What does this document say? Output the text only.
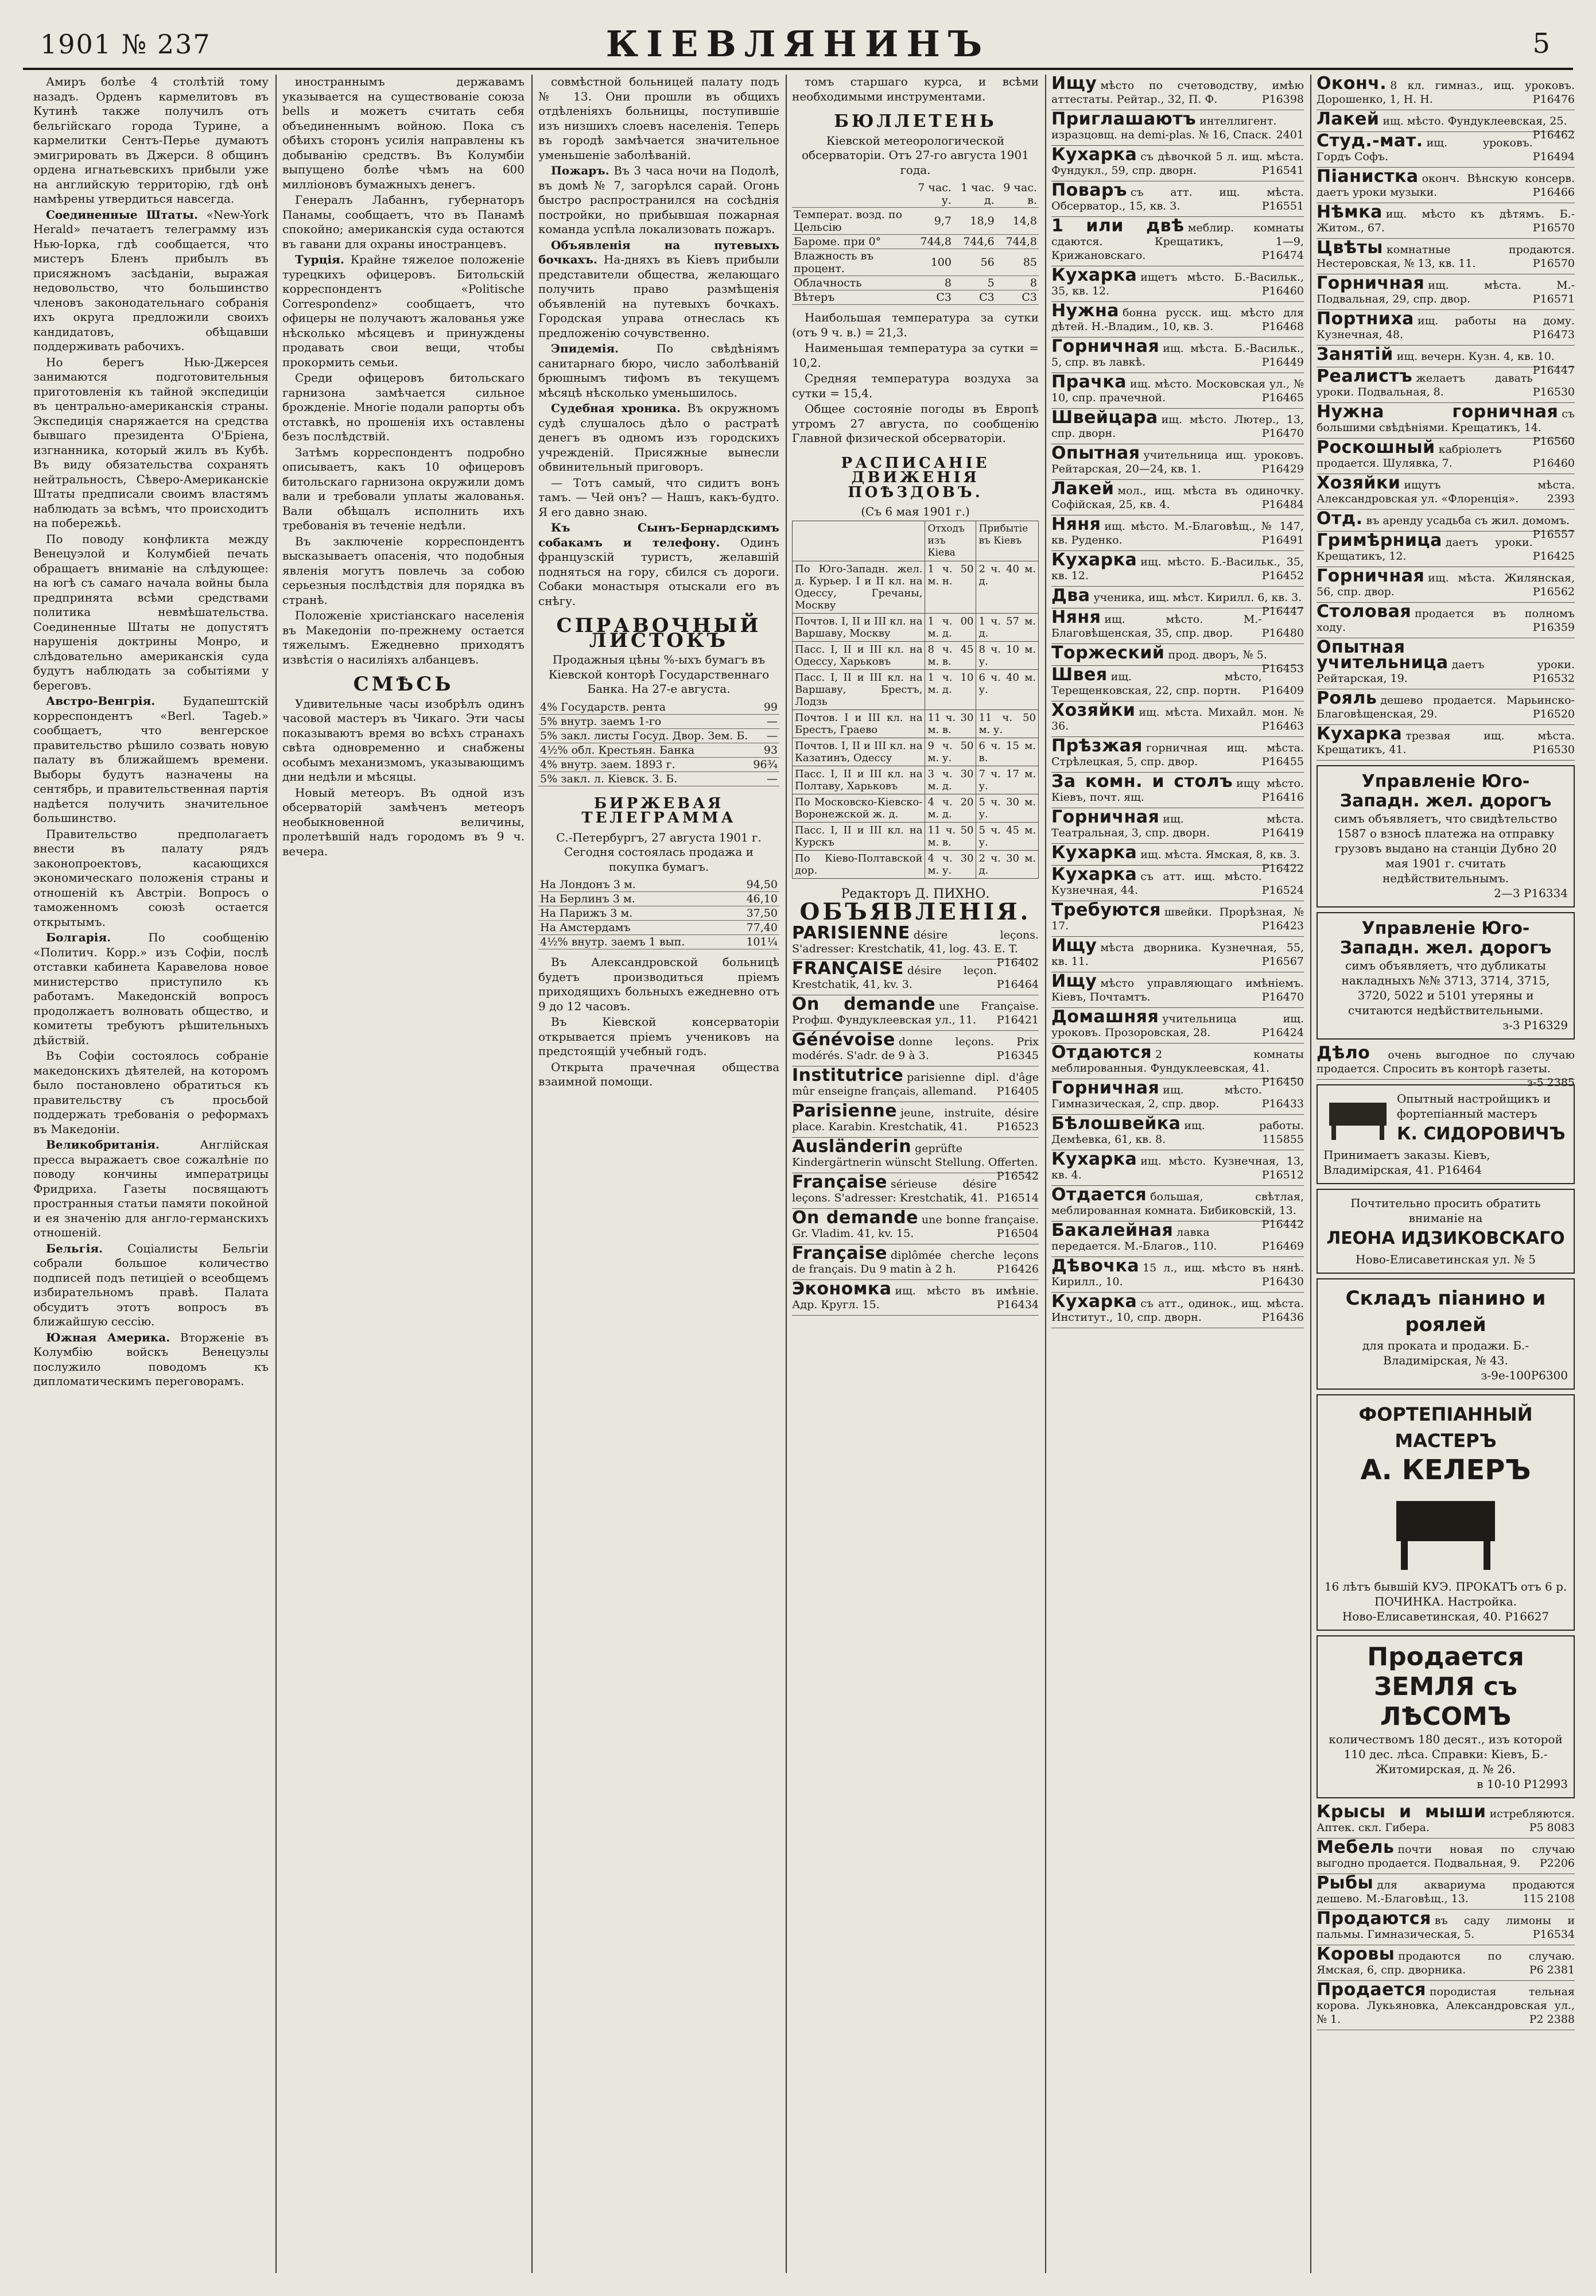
1901 № 237	КІЕВЛЯНИНЪ	5

Амиръ болѣе 4 столѣтій тому назадъ. Орденъ кармелитовъ въ Кутинѣ также получилъ отъ бельгійскаго города Турине, а кармелитки Сентъ-Перье думаютъ эмигрировать въ Джерси. 8 общинъ ордена игнатьевскихъ прибыли уже на английскую территорію, гдѣ онѣ намѣрены утвердиться навсегда.

Соединенные Штаты. «New-York Herald» печатаетъ телеграмму изъ Нью-Іорка, гдѣ сообщается, что мистеръ Бленъ прибылъ въ присяжномъ засѣданіи, выражая недовольство, что большинство членовъ законодательнаго собранія ихъ округа предложили своихъ кандидатовъ, обѣщавши поддерживать рабочихъ.

Но берегъ Нью-Джерсея занимаются подготовительныя приготовленія къ тайной экспедиціи въ центрально-американскія страны. Экспедиція снаряжается на средства бывшаго президента О'Бріена, изгнанника, который жилъ въ Кубѣ. Въ виду обязательства сохранять нейтральность, Сѣверо-Американскіе Штаты предписали своимъ властямъ наблюдать за всѣмъ, что происходитъ на побережьѣ.

По поводу конфликта между Венецуэлой и Колумбіей печать обращаетъ вниманіе на слѣдующее: на югѣ съ самаго начала войны была предпринята всѣми средствами политика невмѣшательства. Соединенные Штаты не допустятъ нарушенія доктрины Монро, и слѣдовательно американскія суда будутъ наблюдать за событіями у береговъ.

Австро-Венгрія. Будапештскій корреспондентъ «Berl. Tageb.» сообщаетъ, что венгерское правительство рѣшило созвать новую палату въ ближайшемъ времени. Выборы будутъ назначены на сентябрь, и правительственная партія надѣется получить значительное большинство.

Правительство предполагаетъ внести въ палату рядъ законопроектовъ, касающихся экономическаго положенія страны и отношеній къ Австріи. Вопросъ о таможенномъ союзѣ остается открытымъ.

Болгарія.	По сообщенію «Политич. Корр.» изъ Софіи, послѣ отставки кабинета Каравелова новое министерство приступило къ работамъ. Македонскій вопросъ продолжаетъ волновать общество, и комитеты требуютъ рѣшительныхъ дѣйствій.

Въ Софіи состоялось собраніе македонскихъ дѣятелей, на которомъ было постановлено обратиться къ правительству съ просьбой поддержать требованія о реформахъ въ Македоніи.

Великобританія.	Англійская пресса выражаетъ свое сожалѣніе по поводу кончины императрицы Фридриха. Газеты посвящаютъ пространныя статьи памяти покойной и ея значенію для англо-германскихъ отношеній.

Бельгія. Соціалисты Бельгіи собрали большое количество подписей подъ петиціей о всеобщемъ избирательномъ правѣ. Палата обсудитъ этотъ вопросъ въ ближайшую сессію.

Южная Америка. Вторженіе въ Колумбію войскъ Венецуэлы послужило поводомъ къ дипломатическимъ переговорамъ.

иностраннымъ державамъ указывается на существованіе союза bells и можетъ считать себя объединеннымъ войною. Пока съ обѣихъ сторонъ усилія направлены къ добыванію средствъ. Въ Колумбіи выпущено болѣе чѣмъ на 600 милліоновъ бумажныхъ денегъ.

Генералъ Лабаннъ, губернаторъ Панамы, сообщаетъ, что въ Панамѣ спокойно; американскія суда остаются въ гавани для охраны иностранцевъ.

Турція. Крайне тяжелое положеніе турецкихъ офицеровъ. Битольскій корреспондентъ «Politische Correspondenz» сообщаетъ, что офицеры не получаютъ жалованья уже нѣсколько мѣсяцевъ и принуждены продавать свои вещи, чтобы прокормить семьи.

Среди офицеровъ битольскаго гарнизона замѣчается сильное брожденіе. Многіе подали рапорты объ отставкѣ, но прошенія ихъ оставлены безъ послѣдствій.

Затѣмъ корреспондентъ подробно описываетъ, какъ 10 офицеровъ битольскаго гарнизона окружили домъ вали и требовали уплаты жалованья. Вали обѣщалъ исполнить ихъ требованія въ теченіе недѣли.

Въ заключеніе корреспондентъ высказываетъ опасенія, что подобныя явленія могутъ повлечь за собою серьезныя послѣдствія для порядка въ странѣ.

Положеніе христіанскаго населенія въ Македоніи по-прежнему остается тяжелымъ. Ежедневно приходятъ извѣстія о насиліяхъ албанцевъ.

СМѢСЬ

Удивительные часы изобрѣлъ одинъ часовой мастеръ въ Чикаго. Эти часы показываютъ время во всѣхъ странахъ свѣта одновременно и снабжены особымъ механизмомъ, указывающимъ дни недѣли и мѣсяцы.

Новый метеоръ. Въ одной изъ обсерваторій замѣченъ метеоръ необыкновенной величины, пролетѣвшій надъ городомъ въ 9 ч. вечера.

совмѣстной больницей палату подъ № 13. Они прошли въ общихъ отдѣленіяхъ больницы, поступившіе изъ низшихъ слоевъ населенія. Теперь въ городѣ замѣчается значительное уменьшеніе заболѣваній.

Пожаръ. Въ 3 часа ночи на Подолѣ, въ домѣ № 7, загорѣлся сарай. Огонь быстро распространился на сосѣднія постройки, но прибывшая пожарная команда успѣла локализовать пожаръ.

Объявленія на путевыхъ бочкахъ. На-дняхъ въ Кіевъ прибыли представители общества, желающаго получить право размѣщенія объявленій на путевыхъ бочкахъ. Городская управа отнеслась къ предложенію сочувственно.

Эпидемія.	По свѣдѣніямъ санитарнаго бюро, число заболѣваній брюшнымъ тифомъ въ текущемъ мѣсяцѣ нѣсколько уменьшилось.

Судебная хроника. Въ окружномъ судѣ слушалось дѣло о растратѣ денегъ въ одномъ изъ городскихъ учрежденій. Присяжные вынесли обвинительный приговоръ.

— Тотъ самый, что сидитъ вонъ тамъ. — Чей онъ? — Нашъ, какъ-будто. Я его давно знаю.

Къ Сынъ-Бернардскимъ собакамъ и телефону. Одинъ французскій туристъ, желавшій подняться на гору, сбился съ дороги. Собаки монастыря отыскали его въ снѣгу.

СПРАВОЧНЫЙ ЛИСТОКЪ

Продажныя цѣны %-ыхъ бумагъ въ Кіевской конторѣ Государственнаго Банка. На 27-е августа.

4% Государств. рента	99
5% внутр. заемъ 1-го	—
5% закл. листы Госуд. Двор. Зем. Б.	—
4½% обл. Крестьян. Банка	93
4% внутр. заем. 1893 г.	96¾
5% закл. л. Кіевск. З. Б.	—
БИРЖЕВАЯ ТЕЛЕГРАММА

С.-Петербургъ, 27 августа 1901 г. Сегодня состоялась продажа и покупка бумагъ.

На Лондонъ 3 м.	94,50
На Берлинъ 3 м.	46,10
На Парижъ 3 м.	37,50
На Амстердамъ	77,40
4½% внутр. заемъ 1 вып.	101¼

Въ Александровской больницѣ будетъ производиться пріемъ приходящихъ больныхъ ежедневно отъ 9 до 12 часовъ.

Въ Кіевской консерваторіи открывается пріемъ учениковъ на предстоящій учебный годъ.

Открыта прачечная общества взаимной помощи.

томъ старшаго курса, и всѣми необходимыми инструментами.

БЮЛЛЕТЕНЬ

Кіевской метеорологической обсерваторіи. Отъ 27-го августа 1901 года.

	7 час. у.	1 час. д.	9 час. в.
Температ. возд. по Цельсію	9,7	18,9	14,8
Бароме. при 0°	744,8	744,6	744,8
Влажность въ процент.	100	56	85
Облачность	8	5	8
Вѣтеръ	С3	С3	С3

Наибольшая температура за сутки (отъ 9 ч. в.) = 21,3.

Наименьшая температура за сутки = 10,2.

Средняя температура воздуха за сутки = 15,4.

Общее состояніе погоды въ Европѣ утромъ 27 августа, по сообщенію Главной физической обсерваторіи.

РАСПИСАНІЕ ДВИЖЕНІЯ ПОѢЗДОВЪ.

(Съ 6 мая 1901 г.)

	Отходъ изъ Кіева	Прибытіе въ Кіевъ
По Юго-Западн. жел. д. Курьер. I и II кл. на Одессу, Гречаны, Москву	1 ч. 50 м. н.	2 ч. 40 м. д.
Почтов. I, II и III кл. на Варшаву, Москву	1 ч. 00 м. д.	1 ч. 57 м. д.
Пасс. I, II и III кл. на Одессу, Харьковъ	8 ч. 45 м. в.	8 ч. 10 м. у.
Пасс. I, II и III кл. на Варшаву, Брестъ, Лодзь	1 ч. 10 м. д.	6 ч. 40 м. у.
Почтов. I и III кл. на Брестъ, Граево	11 ч. 30 м. в.	11 ч. 50 м. у.
Почтов. I, II и III кл. на Казатинъ, Одессу	9 ч. 50 м. у.	6 ч. 15 м. в.
Пасс. I, II и III кл. на Полтаву, Харьковъ	3 ч. 30 м. д.	7 ч. 17 м. у.
По Московско-Кіевско-Воронежской ж. д.	4 ч. 20 м. д.	5 ч. 30 м. у.
Пасс. I, II и III кл. на Курскъ	11 ч. 50 м. в.	5 ч. 45 м. у.
По Кіево-Полтавской дор.	4 ч. 30 м. у.	2 ч. 30 м. д.

Редакторъ Д. ПИХНО.

ОБЪЯВЛЕНІЯ.
PARISIENNE désire leçons. S'adresser: Krestchatik, 41, log. 43. E. T.
Р16402
FRANÇAISE désire leçon. Krestchatik, 41, kv. 3.	Р16464
On demande une Française. Proфш. Фундуклеевская ул., 11. Р16421
Génévoise donne leçons. Prix modérés. S'adr. de 9 à 3.	Р16345
Institutrice parisienne dipl. d'âge mûr enseigne français, allemand. Р16405
Parisienne jeune, instruite, désire place. Karabin. Krestchatik, 41.	Р16523
Ausländerin geprüfte Kindergärtnerin wünscht Stellung. Offerten.
Р16542
Française sérieuse désire leçons. S'adresser: Krestchatik, 41. Р16514
On demande une bonne française. Gr. Vladim. 41, kv. 15.	Р16504
Française diplômée cherche leçons de français. Du 9 matin à 2 h.	Р16426
Экономка ищ. мѣсто въ имѣніе. Адр. Кругл. 15.	Р16434
Ищу мѣсто по счетоводству, имѣю аттестаты. Рейтар., 32, П. Ф.	Р16398
Приглашаютъ интеллигент. изразцовщ. на demi-plas. № 16, Спаск. 2401
Кухарка съ дѣвочкой 5 л. ищ. мѣста. Фундукл., 59, спр. дворн.	Р16541
Поваръ съ атт. ищ. мѣста. Обсерватор., 15, кв. 3.	Р16551
1 или двѣ меблир. комнаты сдаются. Крещатикъ, 1—9, Крижановскаго.	Р16474
Кухарка ищетъ мѣсто. Б.-Васильк., 35, кв. 12.	Р16460
Нужна бонна русск. ищ. мѣсто для дѣтей. Н.-Владим., 10, кв. 3.	Р16468
Горничная ищ. мѣста. Б.-Васильк., 5, спр. въ лавкѣ.	Р16449
Прачка ищ. мѣсто. Московская ул., № 10, спр. прачечной.	Р16465
Швейцара ищ. мѣсто. Лютер., 13, спр. дворн.	Р16470
Опытная учительница ищ. уроковъ. Рейтарская, 20—24, кв. 1.	Р16429
Лакей мол., ищ. мѣста въ одиночку. Софійская, 25, кв. 4.	Р16484
Няня ищ. мѣсто. М.-Благовѣщ., № 147, кв. Руденко.	Р16491
Кухарка ищ. мѣсто. Б.-Васильк., 35, кв. 12.	Р16452
Два ученика, ищ. мѣст. Кирилл. 6, кв. 3.
Р16447
Няня ищ. мѣсто. М.-Благовѣщенская, 35, спр. двор.	Р16480
Торжеский прод. дворъ, № 5.
Р16453
Швея ищ. мѣсто, Терещенковская, 22, спр. портн. Р16409
Хозяйки ищ. мѣста. Михайл. мон. № 36.	Р16463
Прѣзжая горничная ищ. мѣста. Стрѣлецкая, 5, спр. двор.	Р16455
За комн. и столъ ищу мѣсто. Кіевъ, почт. ящ.	Р16416
Горничная ищ. мѣста. Театральная, 3, спр. дворн.	Р16419
Кухарка ищ. мѣста. Ямская, 8, кв. 3.
Р16422
Кухарка съ атт. ищ. мѣсто. Кузнечная, 44.	Р16524
Требуются швейки. Прорѣзная, № 17.	Р16423
Ищу мѣста дворника. Кузнечная, 55, кв. 11.	Р16567
Ищу мѣсто управляющаго имѣніемъ. Кіевъ, Почтамтъ.	Р16470
Домашняя учительница ищ. уроковъ. Прозоровская, 28.	Р16424
Отдаются 2 комнаты меблированныя. Фундуклеевская, 41.
Р16450
Горничная ищ. мѣсто. Гимназическая, 2, спр. двор.	Р16433
Бѣлошвейка ищ. работы. Демѣевка, 61, кв. 8.	115855
Кухарка ищ. мѣсто. Кузнечная, 13, кв. 4.	Р16512
Отдается большая, свѣтлая, меблированная комната. Бибиковскій, 13.
Р16442
Бакалейная лавка передается. М.-Благов., 110.	Р16469
Дѣвочка 15 л., ищ. мѣсто въ нянѣ. Кирилл., 10.	Р16430
Кухарка съ атт., одинок., ищ. мѣста. Институт., 10, спр. дворн.	Р16436
Оконч. 8 кл. гимназ., ищ. уроковъ. Дорошенко, 1, Н. Н.	Р16476
Лакей ищ. мѣсто. Фундуклеевская, 25.
Р16462
Студ.-мат. ищ. уроковъ. Гордъ Софъ.	Р16494
Піанистка оконч. Вѣнскую консерв. даетъ уроки музыки.	Р16466
Нѣмка ищ. мѣсто къ дѣтямъ. Б.-Житом., 67.	Р16570
Цвѣты комнатные продаются. Нестеровская, № 13, кв. 11.	Р16570
Горничная ищ. мѣста. М.-Подвальная, 29, спр. двор.	Р16571
Портниха ищ. работы на дому. Кузнечная, 48.	Р16473
Занятій ищ. вечерн. Кузн. 4, кв. 10.
Р16447
Реалистъ желаетъ давать уроки. Подвальная, 8.	Р16530
Нужна горничная съ большими свѣдѣніями. Крещатикъ, 14.
Р16560
Роскошный кабріолетъ продается. Шулявка, 7.	Р16460
Хозяйки ищутъ мѣста. Александровская ул. «Флоренція».	2393
Отд. въ аренду усадьба съ жил. домомъ.
Р16557
Гримѣрница даетъ уроки. Крещатикъ, 12.	Р16425
Горничная ищ. мѣста. Жилянская, 56, спр. двор.	Р16562
Столовая продается въ полномъ ходу.	Р16359
Опытная учительница даетъ уроки. Рейтарская, 19.	Р16532
Рояль дешево продается. Марьинско-Благовѣщенская, 29.	Р16520
Кухарка трезвая ищ. мѣста. Крещатикъ, 41.	Р16530
Управленіе Юго-Западн. жел. дорогъ
симъ объявляетъ, что свидѣтельство 1587 о взносѣ платежа на отправку грузовъ выдано на станціи Дубно 20 мая 1901 г. считать недѣйствительнымъ.
2—3 Р16334
Управленіе Юго-Западн. жел. дорогъ
симъ объявляетъ, что дубликаты накладныхъ №№ 3713, 3714, 3715, 3720, 5022 и 5101 утеряны и считаются недѣйствительными.
з-3 Р16329
Дѣло очень выгодное по случаю продается. Спросить въ конторѣ газеты.
з-5 2385
Опытный настройщикъ и фортепіанный мастеръ
К. СИДОРОВИЧЪ
Принимаетъ заказы. Кіевъ, Владимірская, 41. Р16464
Почтительно просить обратить вниманіе на
ЛЕОНА ИДЗИКОВСКАГО
Ново-Елисаветинская ул. № 5
Складъ пiанино и роялей
для проката и продажи. Б.-Владимірская, № 43.
з-9е-100Р6300
ФОРТЕПIАННЫЙ МАСТЕРЪ
А. КЕЛЕРЪ
16 лѣтъ бывшій КУЭ. ПРОКАТЪ отъ 6 р. ПОЧИНКА. Настройка.
Ново-Елисаветинская, 40. Р16627
Продается ЗЕМЛЯ съ ЛѢСОМЪ
количествомъ 180 десят., изъ которой 110 дес. лѣса. Справки: Кіевъ, Б.-Житомирская, д. № 26.
в 10-10 Р12993
Крысы и мыши истребляются. Аптек. скл. Гибера.	Р5 8083
Мебель почти новая по случаю выгодно продается. Подвальная, 9. Р2206
Рыбы для аквариума продаются дешево. М.-Благовѣщ., 13.	115 2108
Продаются въ саду лимоны и пальмы. Гимназическая, 5.	Р16534
Коровы продаются по случаю. Ямская, 6, спр. дворника.	Р6 2381
Продается породистая тельная корова. Лукьяновка, Александровская ул., № 1.	Р2 2388
